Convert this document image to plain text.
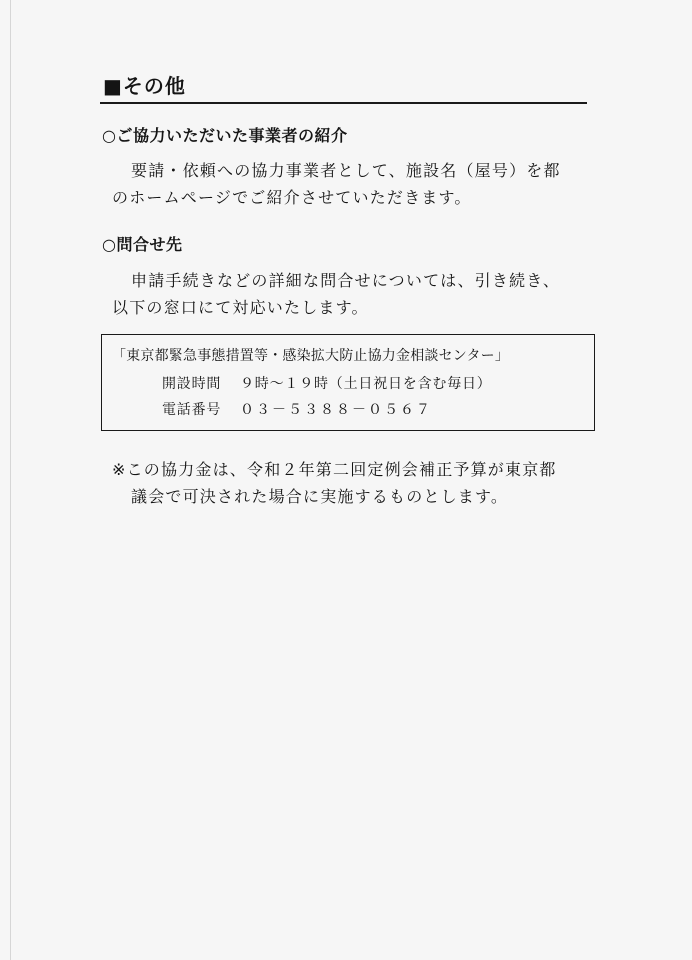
■その他
○ご協力いただいた事業者の紹介
要請・依頼への協力事業者として、施設名（屋号）を都
のホームページでご紹介させていただきます。
○問合せ先
申請手続きなどの詳細な問合せについては、引き続き、
以下の窓口にて対応いたします。
「東京都緊急事態措置等・感染拡大防止協力金相談センター」
開設時間 ９時～１９時（土日祝日を含む毎日）
電話番号 ０３－５３８８－０５６７
※この協力金は、令和２年第二回定例会補正予算が東京都
議会で可決された場合に実施するものとします。
